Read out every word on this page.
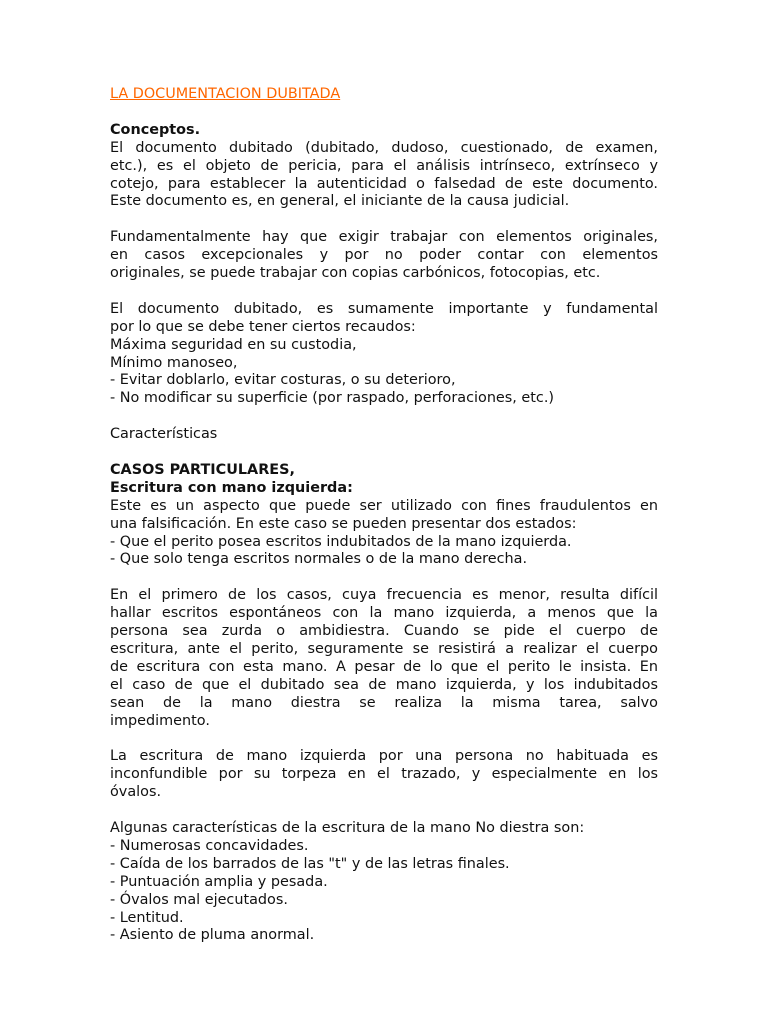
LA DOCUMENTACION DUBITADA

Conceptos.

El documento dubitado (dubitado, dudoso, cuestionado, de examen,
etc.), es el objeto de pericia, para el análisis intrínseco, extrínseco y
cotejo, para establecer la autenticidad o falsedad de este documento.
Este documento es, en general, el iniciante de la causa judicial.
Fundamentalmente hay que exigir trabajar con elementos originales,
en casos excepcionales y por no poder contar con elementos
originales, se puede trabajar con copias carbónicos, fotocopias, etc.
El documento dubitado, es sumamente importante y fundamental
por lo que se debe tener ciertos recaudos:
Máxima seguridad en su custodia,
Mínimo manoseo,
- Evitar doblarlo, evitar costuras, o su deterioro,
- No modificar su superficie (por raspado, perforaciones, etc.)

Características

CASOS PARTICULARES,

Escritura con mano izquierda:

Este es un aspecto que puede ser utilizado con fines fraudulentos en
una falsificación. En este caso se pueden presentar dos estados:
- Que el perito posea escritos indubitados de la mano izquierda.
- Que solo tenga escritos normales o de la mano derecha.
En el primero de los casos, cuya frecuencia es menor, resulta difícil
hallar escritos espontáneos con la mano izquierda, a menos que la
persona sea zurda o ambidiestra. Cuando se pide el cuerpo de
escritura, ante el perito, seguramente se resistirá a realizar el cuerpo
de escritura con esta mano. A pesar de lo que el perito le insista. En
el caso de que el dubitado sea de mano izquierda, y los indubitados
sean de la mano diestra se realiza la misma tarea, salvo
impedimento.
La escritura de mano izquierda por una persona no habituada es
inconfundible por su torpeza en el trazado, y especialmente en los
óvalos.

Algunas características de la escritura de la mano No diestra son:

- Numerosas concavidades.
- Caída de los barrados de las "t" y de las letras finales.
- Puntuación amplia y pesada.
- Óvalos mal ejecutados.
- Lentitud.
- Asiento de pluma anormal.
